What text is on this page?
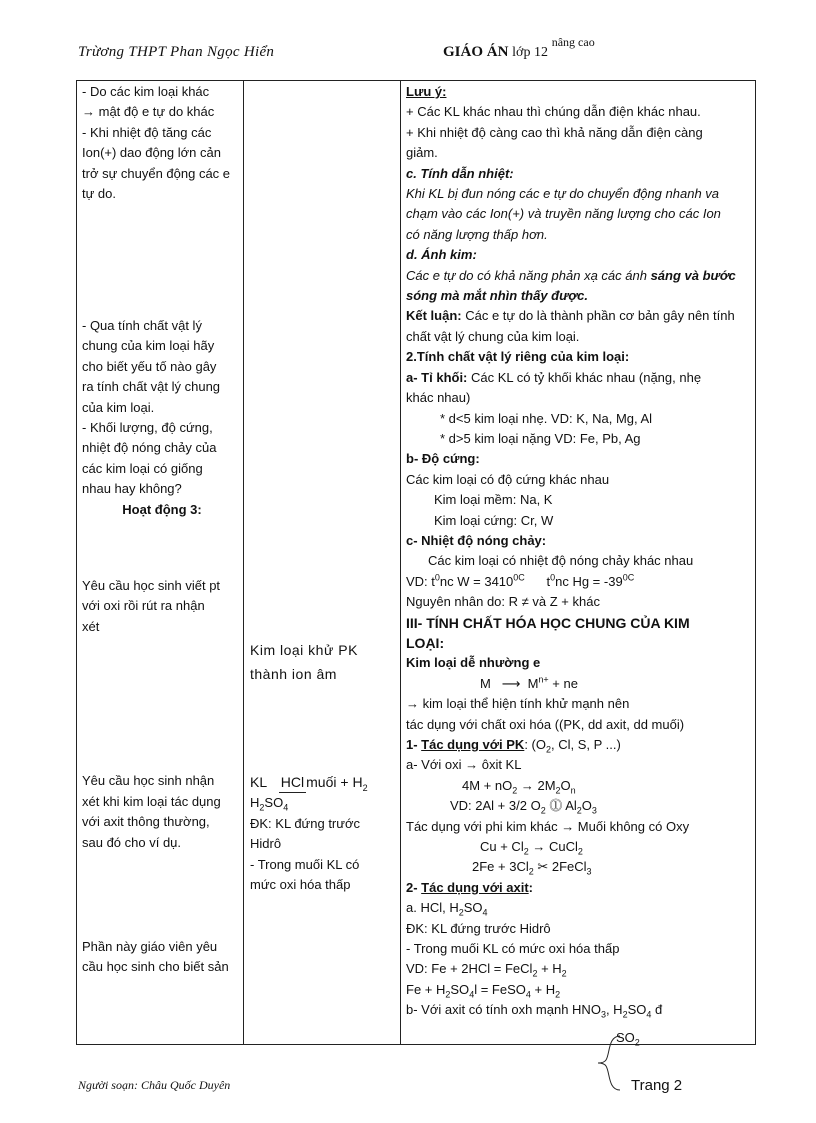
Trừơng THPT Phan Ngọc Hiển	GIÁO ÁN lớp 12 $^{nâng cao}$
- Do các kim loại khác
→ mật độ e tự do khác
- Khi nhiệt độ tăng các
Ion(+) dao động lớn cản
trở sự chuyển động các e
tự do.
- Qua tính chất vật lý
chung của kim loại hãy
cho biết yếu tố nào gây
ra tính chất vật lý chung
của kim loại.
- Khối lượng, độ cứng,
nhiệt độ nóng chảy của
các kim loại có giống
nhau hay không?
Hoạt động 3:
Yêu cầu học sinh viết pt
với oxi rồi rút ra nhận
xét
Yêu cầu học sinh nhận
xét khi kim loại tác dụng
với axit thông thường,
sau đó cho ví dụ.
Phần này giáo viên yêu
cầu học sinh cho biết sản
Kim loại khử PK
thành ion âm
KL HCl muối + $H_2$
$H_2SO_4$
ĐK: KL đứng trước
Hidrô
- Trong muối KL có
mức oxi hóa thấp
Lưu ý:
+ Các KL khác nhau thì chúng dẫn điện khác nhau.
+ Khi nhiệt độ càng cao thì khả năng dẫn điện càng
giảm.
c. Tính dẫn nhiệt:
Khi KL bị đun nóng các e tự do chuyển động nhanh va
chạm vào các Ion(+) và truyền năng lượng cho các Ion
có năng lượng thấp hơn.
d. Ánh kim:
Các e tự do có khả năng phản xạ các ánh sáng và bước
sóng mà mắt nhìn thấy được.
Kết luận: Các e tự do là thành phần cơ bản gây nên tính
chất vật lý chung của kim loại.
2.Tính chất vật lý riêng của kim loại:
a- Tỉ khối: Các KL có tỷ khối khác nhau (nặng, nhẹ
khác nhau)
* d<5 kim loại nhẹ. VD: K, Na, Mg, Al
* d>5 kim loại nặng VD: Fe, Pb, Ag
b- Độ cứng:
Các kim loại có độ cứng khác nhau
Kim loại mềm: Na, K
Kim loại cứng: Cr, W
c- Nhiệt độ nóng chảy:
Các kim loại có nhiệt độ nóng chảy khác nhau
VD: $t^0nc$ $W = 3410^{0C}$ $t^0nc$ $Hg = -39^{0C}$
Nguyên nhân do: R ≠ và Z + khác
III- TÍNH CHẤT HÓA HỌC CHUNG CỦA KIM
LOẠI:
Kim loại dễ nhường e
M ⟶ $M^{n+}$ + ne
→ kim loại thể hiện tính khử mạnh nên
tác dụng với chất oxi hóa ((PK, dd axit, dd muối)
1- Tác dụng với PK: ($O_2$, Cl, S, P ...)
a- Với oxi → ôxit KL
$4M + nO_2 \to 2M_2O_n$
VD: 2Al + 3/2 $O_2$ ⓵ $Al_2O_3$
Tác dụng với phi kim khác → Muối không có Oxy
$Cu + Cl_2$ → CuCl$_2$
$2Fe + 3Cl_2$ ✂ 2FeCl$_3$
2- Tác dụng với axit:
a. HCl, $H_2SO_4$
ĐK: KL đứng trước Hidrô
- Trong muối KL có mức oxi hóa thấp
VD: Fe + 2HCl = FeCl$_2$ + $H_2$
$Fe + H_2SO_4l$ = FeSO$_4$ + $H_2$
b- Với axit có tính oxh mạnh $HNO_3$, $H_2SO_4$ đ
$SO_2$
Người soạn: Châu Quốc Duyên	Trang 2
